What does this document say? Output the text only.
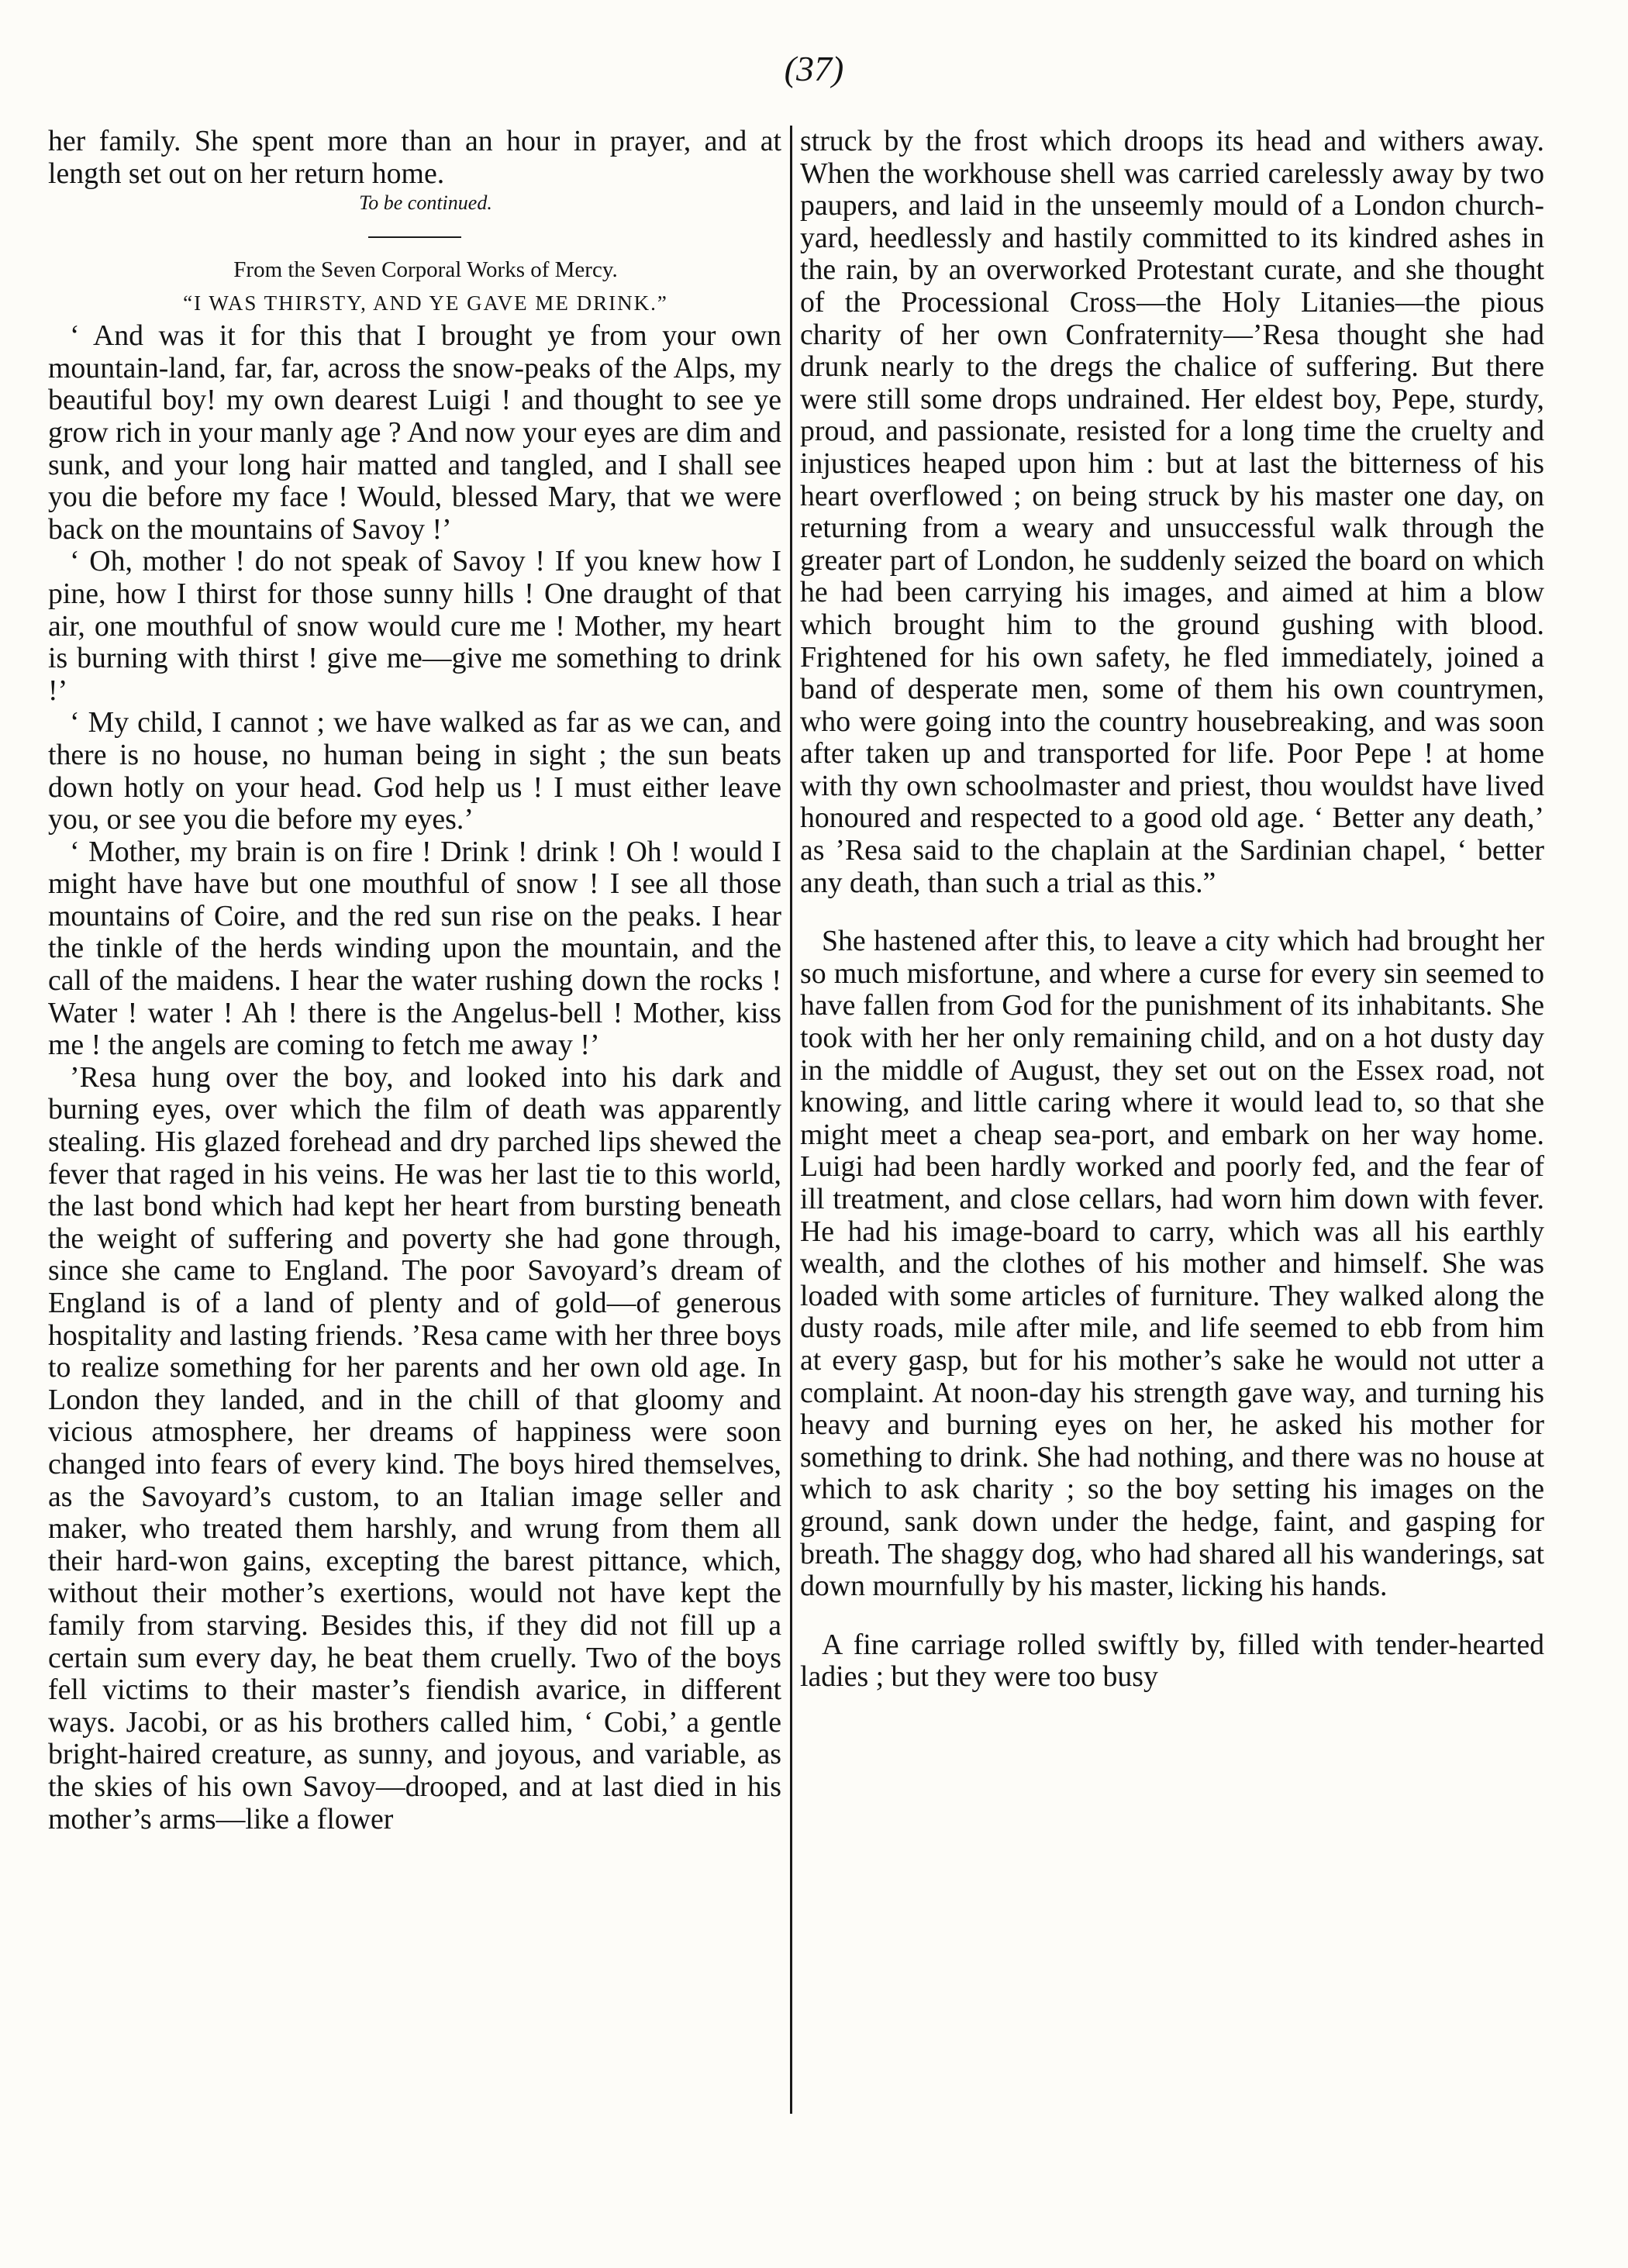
(37)

her family. She spent more than an hour in prayer, and at length set out on her return home.

To be continued.

From the Seven Corporal Works of Mercy.

“I WAS THIRSTY, AND YE GAVE ME DRINK.”

‘ And was it for this that I brought ye from your own mountain-land, far, far, across the snow-peaks of the Alps, my beautiful boy! my own dearest Luigi ! and thought to see ye grow rich in your manly age ? And now your eyes are dim and sunk, and your long hair matted and tangled, and I shall see you die before my face ! Would, blessed Mary, that we were back on the mountains of Savoy !’

‘ Oh, mother ! do not speak of Savoy ! If you knew how I pine, how I thirst for those sunny hills ! One draught of that air, one mouthful of snow would cure me ! Mother, my heart is burning with thirst ! give me—give me something to drink !’

‘ My child, I cannot ; we have walked as far as we can, and there is no house, no human being in sight ; the sun beats down hotly on your head. God help us ! I must either leave you, or see you die before my eyes.’

‘ Mother, my brain is on fire ! Drink ! drink ! Oh ! would I might have have but one mouthful of snow ! I see all those mountains of Coire, and the red sun rise on the peaks. I hear the tinkle of the herds winding upon the mountain, and the call of the maidens. I hear the water rushing down the rocks ! Water ! water ! Ah ! there is the Angelus-bell ! Mother, kiss me ! the angels are coming to fetch me away !’

’Resa hung over the boy, and looked into his dark and burning eyes, over which the film of death was apparently stealing. His glazed forehead and dry parched lips shewed the fever that raged in his veins. He was her last tie to this world, the last bond which had kept her heart from bursting beneath the weight of suffering and poverty she had gone through, since she came to England. The poor Savoyard’s dream of England is of a land of plenty and of gold—of generous hospitality and lasting friends. ’Resa came with her three boys to realize something for her parents and her own old age. In London they landed, and in the chill of that gloomy and vicious atmosphere, her dreams of happiness were soon changed into fears of every kind. The boys hired themselves, as the Savoyard’s custom, to an Italian image seller and maker, who treated them harshly, and wrung from them all their hard-won gains, excepting the barest pittance, which, without their mother’s exertions, would not have kept the family from starving. Besides this, if they did not fill up a certain sum every day, he beat them cruelly. Two of the boys fell victims to their master’s fiendish avarice, in different ways. Jacobi, or as his brothers called him, ‘ Cobi,’ a gentle bright-haired creature, as sunny, and joyous, and variable, as the skies of his own Savoy—drooped, and at last died in his mother’s arms—like a flower

struck by the frost which droops its head and withers away. When the workhouse shell was carried carelessly away by two paupers, and laid in the unseemly mould of a London church-yard, heedlessly and hastily committed to its kindred ashes in the rain, by an overworked Protestant curate, and she thought of the Processional Cross—the Holy Litanies—the pious charity of her own Confraternity—’Resa thought she had drunk nearly to the dregs the chalice of suffering. But there were still some drops undrained. Her eldest boy, Pepe, sturdy, proud, and passionate, resisted for a long time the cruelty and injustices heaped upon him : but at last the bitterness of his heart overflowed ; on being struck by his master one day, on returning from a weary and unsuccessful walk through the greater part of London, he suddenly seized the board on which he had been carrying his images, and aimed at him a blow which brought him to the ground gushing with blood. Frightened for his own safety, he fled immediately, joined a band of desperate men, some of them his own countrymen, who were going into the country housebreaking, and was soon after taken up and transported for life. Poor Pepe ! at home with thy own schoolmaster and priest, thou wouldst have lived honoured and respected to a good old age. ‘ Better any death,’ as ’Resa said to the chaplain at the Sardinian chapel, ‘ better any death, than such a trial as this.”

She hastened after this, to leave a city which had brought her so much misfortune, and where a curse for every sin seemed to have fallen from God for the punishment of its inhabitants. She took with her her only remaining child, and on a hot dusty day in the middle of August, they set out on the Essex road, not knowing, and little caring where it would lead to, so that she might meet a cheap sea-port, and embark on her way home. Luigi had been hardly worked and poorly fed, and the fear of ill treatment, and close cellars, had worn him down with fever. He had his image-board to carry, which was all his earthly wealth, and the clothes of his mother and himself. She was loaded with some articles of furniture. They walked along the dusty roads, mile after mile, and life seemed to ebb from him at every gasp, but for his mother’s sake he would not utter a complaint. At noon-day his strength gave way, and turning his heavy and burning eyes on her, he asked his mother for something to drink. She had nothing, and there was no house at which to ask charity ; so the boy setting his images on the ground, sank down under the hedge, faint, and gasping for breath. The shaggy dog, who had shared all his wanderings, sat down mournfully by his master, licking his hands.

A fine carriage rolled swiftly by, filled with tender-hearted ladies ; but they were too busy
